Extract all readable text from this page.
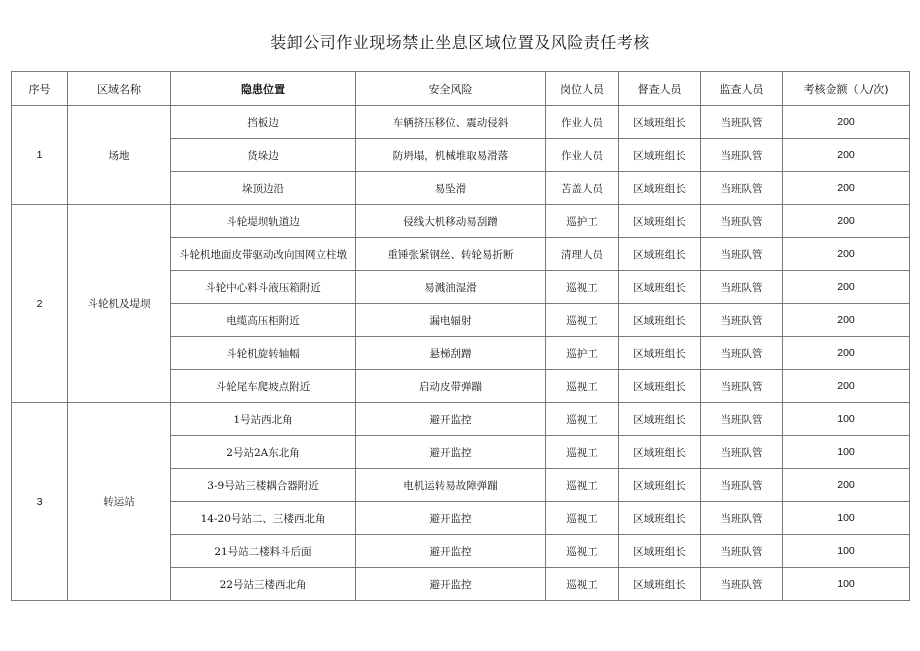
装卸公司作业现场禁止坐息区域位置及风险责任考核
序号	区域名称	隐患位置	安全风险	岗位人员	督查人员	监查人员	考核金额（人/次)
1	场地	挡板边	车辆挤压移位、震动侵斜	作业人员	区域班组长	当班队管	200
		货垛边	防坍塌，机械堆取易滑落	作业人员	区域班组长	当班队管	200
		垛顶边沿	易坠滑	苫盖人员	区域班组长	当班队管	200
2	斗轮机及堤坝	斗轮堤坝轨道边	侵线大机移动易刮蹭	巡护工	区域班组长	当班队管	200
		斗轮机地面皮带驱动改向国网立柱墩	重锤张紧钢丝、转轮易折断	清理人员	区域班组长	当班队管	200
		斗轮中心料斗液压箱附近	易溅油湿滑	巡视工	区域班组长	当班队管	200
		电缆高压柜附近	漏电辐射	巡视工	区域班组长	当班队管	200
		斗轮机旋转轴幅	悬梯刮蹭	巡护工	区域班组长	当班队管	200
		斗轮尾车爬坡点附近	启动皮带弹蹦	巡视工	区域班组长	当班队管	200
3	转运站	1号站西北角	避开监控	巡视工	区域班组长	当班队管	100
		2号站2A东北角	避开监控	巡视工	区域班组长	当班队管	100
		3-9号站三楼耦合器附近	电机运转易故障弹蹦	巡视工	区域班组长	当班队管	200
		14-20号站二、三楼西北角	避开监控	巡视工	区域班组长	当班队管	100
		21号站二楼料斗后面	避开监控	巡视工	区域班组长	当班队管	100
		22号站三楼西北角	避开监控	巡视工	区域班组长	当班队管	100
